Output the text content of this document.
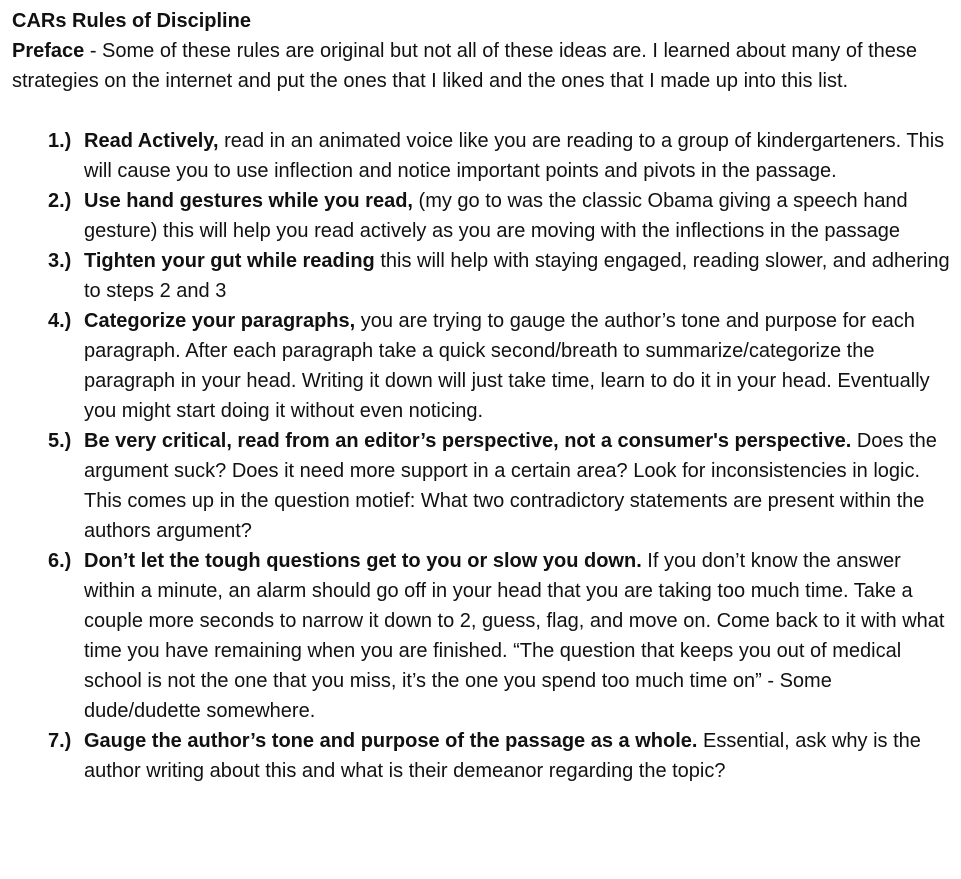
CARs Rules of Discipline

Preface - Some of these rules are original but not all of these ideas are. I learned about many of these strategies on the internet and put the ones that I liked and the ones that I made up into this list.

1.) Read Actively, read in an animated voice like you are reading to a group of kindergarteners. This will cause you to use inflection and notice important points and pivots in the passage.
2.) Use hand gestures while you read, (my go to was the classic Obama giving a speech hand gesture) this will help you read actively as you are moving with the inflections in the passage
3.) Tighten your gut while reading this will help with staying engaged, reading slower, and adhering to steps 2 and 3
4.) Categorize your paragraphs, you are trying to gauge the author’s tone and purpose for each paragraph. After each paragraph take a quick second/breath to summarize/categorize the paragraph in your head. Writing it down will just take time, learn to do it in your head. Eventually you might start doing it without even noticing.
5.) Be very critical, read from an editor’s perspective, not a consumer's perspective. Does the argument suck? Does it need more support in a certain area? Look for inconsistencies in logic. This comes up in the question motief: What two contradictory statements are present within the authors argument?
6.) Don’t let the tough questions get to you or slow you down. If you don’t know the answer within a minute, an alarm should go off in your head that you are taking too much time. Take a couple more seconds to narrow it down to 2, guess, flag, and move on. Come back to it with what time you have remaining when you are finished. “The question that keeps you out of medical school is not the one that you miss, it’s the one you spend too much time on” - Some dude/dudette somewhere.
7.) Gauge the author’s tone and purpose of the passage as a whole. Essential, ask why is the author writing about this and what is their demeanor regarding the topic?
